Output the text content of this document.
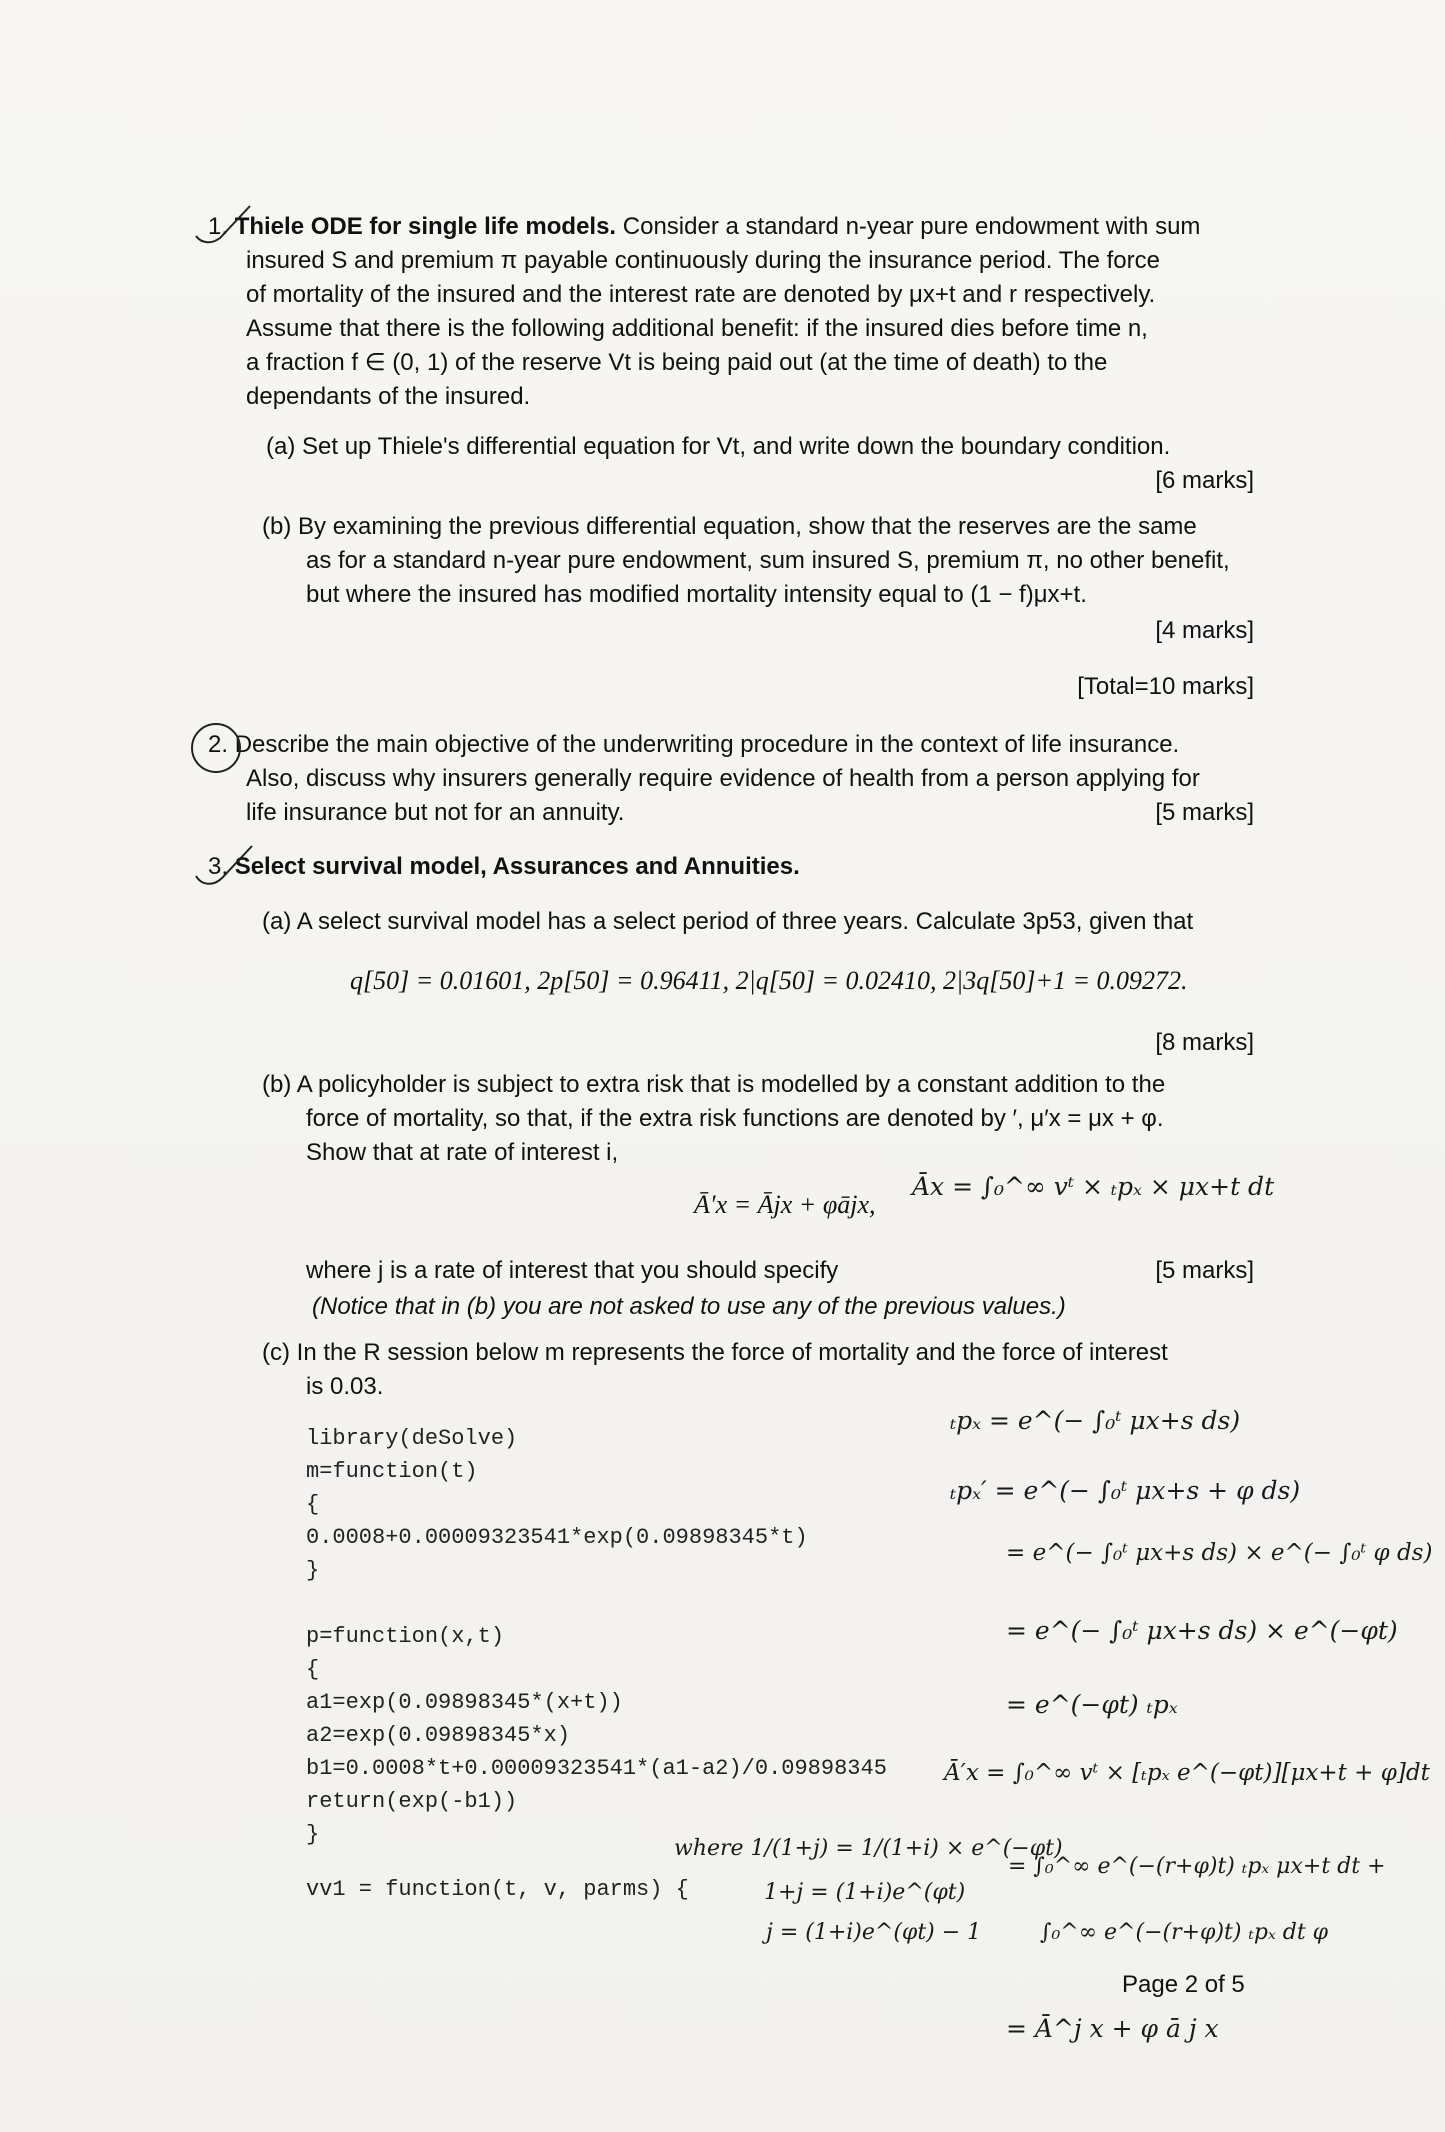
1. Thiele ODE for single life models. Consider a standard n-year pure endowment with sum
insured S and premium π payable continuously during the insurance period. The force
of mortality of the insured and the interest rate are denoted by μx+t and r respectively.
Assume that there is the following additional benefit: if the insured dies before time n,
a fraction f ∈ (0, 1) of the reserve Vt is being paid out (at the time of death) to the
dependants of the insured.
(a) Set up Thiele's differential equation for Vt, and write down the boundary condition.
[6 marks]
(b) By examining the previous differential equation, show that the reserves are the same
as for a standard n-year pure endowment, sum insured S, premium π, no other benefit,
but where the insured has modified mortality intensity equal to (1 − f)μx+t.
[4 marks]
[Total=10 marks]
2. Describe the main objective of the underwriting procedure in the context of life insurance.
Also, discuss why insurers generally require evidence of health from a person applying for
life insurance but not for an annuity.	[5 marks]
3. Select survival model, Assurances and Annuities.
(a) A select survival model has a select period of three years. Calculate 3p53, given that
q[50] = 0.01601, 2p[50] = 0.96411, 2|q[50] = 0.02410, 2|3q[50]+1 = 0.09272.
[8 marks]
(b) A policyholder is subject to extra risk that is modelled by a constant addition to the
force of mortality, so that, if the extra risk functions are denoted by ′, μ′x = μx + φ.
Show that at rate of interest i,
Ā′x = Ājx + φājx,
where j is a rate of interest that you should specify	[5 marks]
(Notice that in (b) you are not asked to use any of the previous values.)
(c) In the R session below m represents the force of mortality and the force of interest
is 0.03.
library(deSolve)
m=function(t)
{
0.0008+0.00009323541*exp(0.09898345*t)
}
p=function(x,t)
{
a1=exp(0.09898345*(x+t))
a2=exp(0.09898345*x)
b1=0.0008*t+0.00009323541*(a1-a2)/0.09898345
return(exp(-b1))
}
vv1 = function(t, v, parms) {
Āx = ∫₀^∞ vᵗ × ₜpₓ × μx+t dt
ₜpₓ = e^(− ∫₀ᵗ μx+s ds)
ₜpₓ′ = e^(− ∫₀ᵗ μx+s + φ ds)
= e^(− ∫₀ᵗ μx+s ds) × e^(− ∫₀ᵗ φ ds)
= e^(− ∫₀ᵗ μx+s ds) × e^(−φt)
= e^(−φt) ₜpₓ
Ā′x = ∫₀^∞ vᵗ × [ₜpₓ e^(−φt)][μx+t + φ]dt
where 1/(1+j) = 1/(1+i) × e^(−φt)
1+j = (1+i)e^(φt)
j = (1+i)e^(φt) − 1
= ∫₀^∞ e^(−(r+φ)t) ₜpₓ μx+t dt +
∫₀^∞ e^(−(r+φ)t) ₜpₓ dt φ
= Ā^j x + φ ā j x
Page 2 of 5
